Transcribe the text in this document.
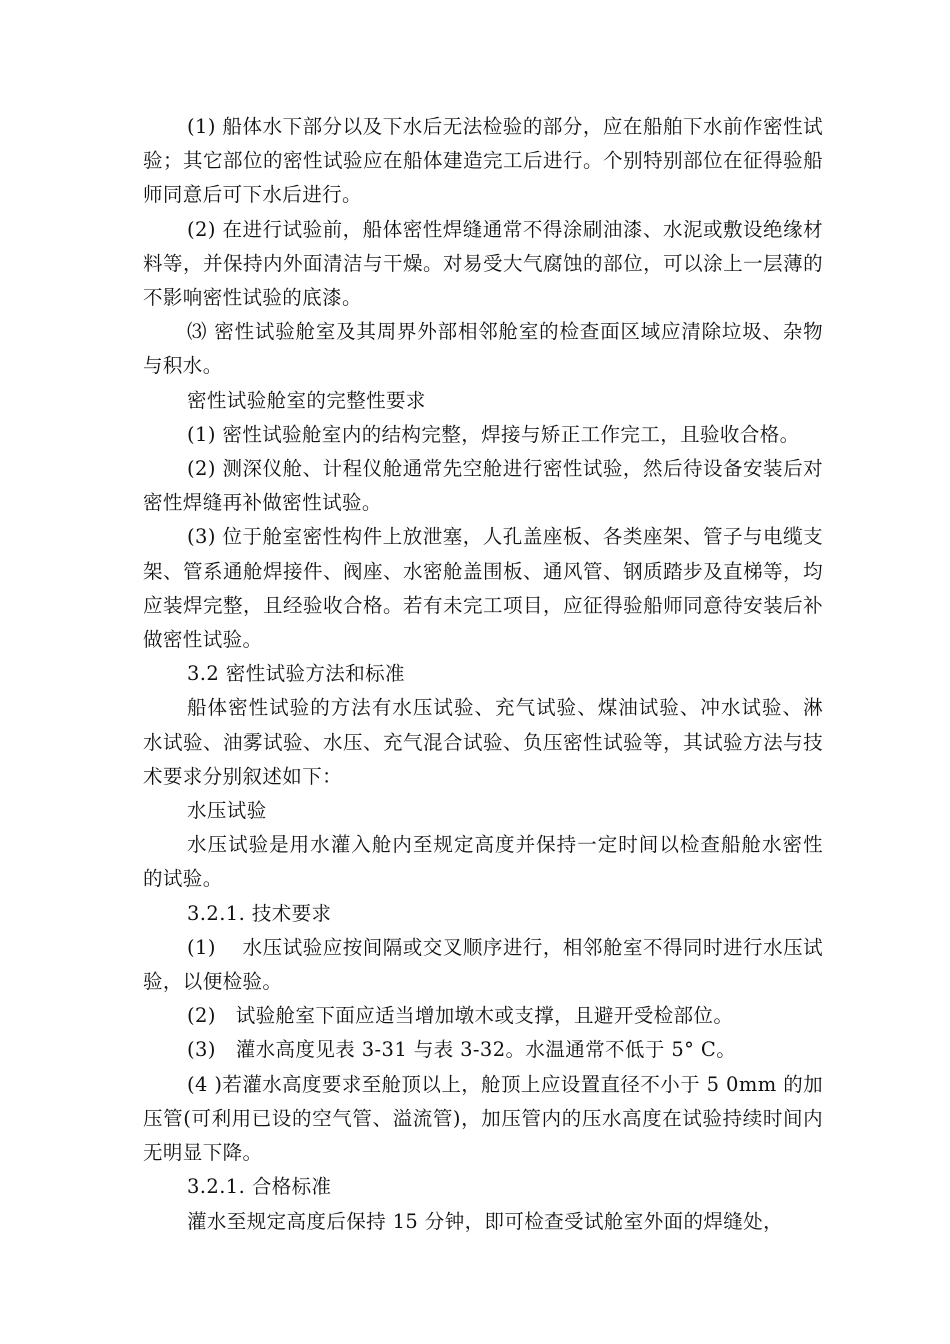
(1) 船体水下部分以及下水后无法检验的部分，应在船舶下水前作密性试验；其它部位的密性试验应在船体建造完工后进行。个别特别部位在征得验船师同意后可下水后进行。

(2) 在进行试验前，船体密性焊缝通常不得涂刷油漆、水泥或敷设绝缘材料等，并保持内外面清洁与干燥。对易受大气腐蚀的部位，可以涂上一层薄的不影响密性试验的底漆。

⑶ 密性试验舱室及其周界外部相邻舱室的检查面区域应清除垃圾、杂物与积水。

密性试验舱室的完整性要求

(1) 密性试验舱室内的结构完整，焊接与矫正工作完工，且验收合格。

(2) 测深仪舱、计程仪舱通常先空舱进行密性试验，然后待设备安装后对密性焊缝再补做密性试验。

(3) 位于舱室密性构件上放泄塞，人孔盖座板、各类座架、管子与电缆支架、管系通舱焊接件、阀座、水密舱盖围板、通风管、钢质踏步及直梯等，均应装焊完整，且经验收合格。若有未完工项目，应征得验船师同意待安装后补做密性试验。

3.2 密性试验方法和标准

船体密性试验的方法有水压试验、充气试验、煤油试验、冲水试验、淋水试验、油雾试验、水压、充气混合试验、负压密性试验等，其试验方法与技术要求分别叙述如下：

水压试验

水压试验是用水灌入舱内至规定高度并保持一定时间以检查船舱水密性的试验。

3.2.1. 技术要求

(1)　 水压试验应按间隔或交叉顺序进行，相邻舱室不得同时进行水压试验，以便检验。

(2)　试验舱室下面应适当增加墩木或支撑，且避开受检部位。

(3)　灌水高度见表 3-31 与表 3-32。水温通常不低于 5° C。

(4 )若灌水高度要求至舱顶以上，舱顶上应设置直径不小于 5 0mm 的加压管(可利用已设的空气管、溢流管)，加压管内的压水高度在试验持续时间内无明显下降。

3.2.1. 合格标准

灌水至规定高度后保持 15 分钟，即可检查受试舱室外面的焊缝处，
